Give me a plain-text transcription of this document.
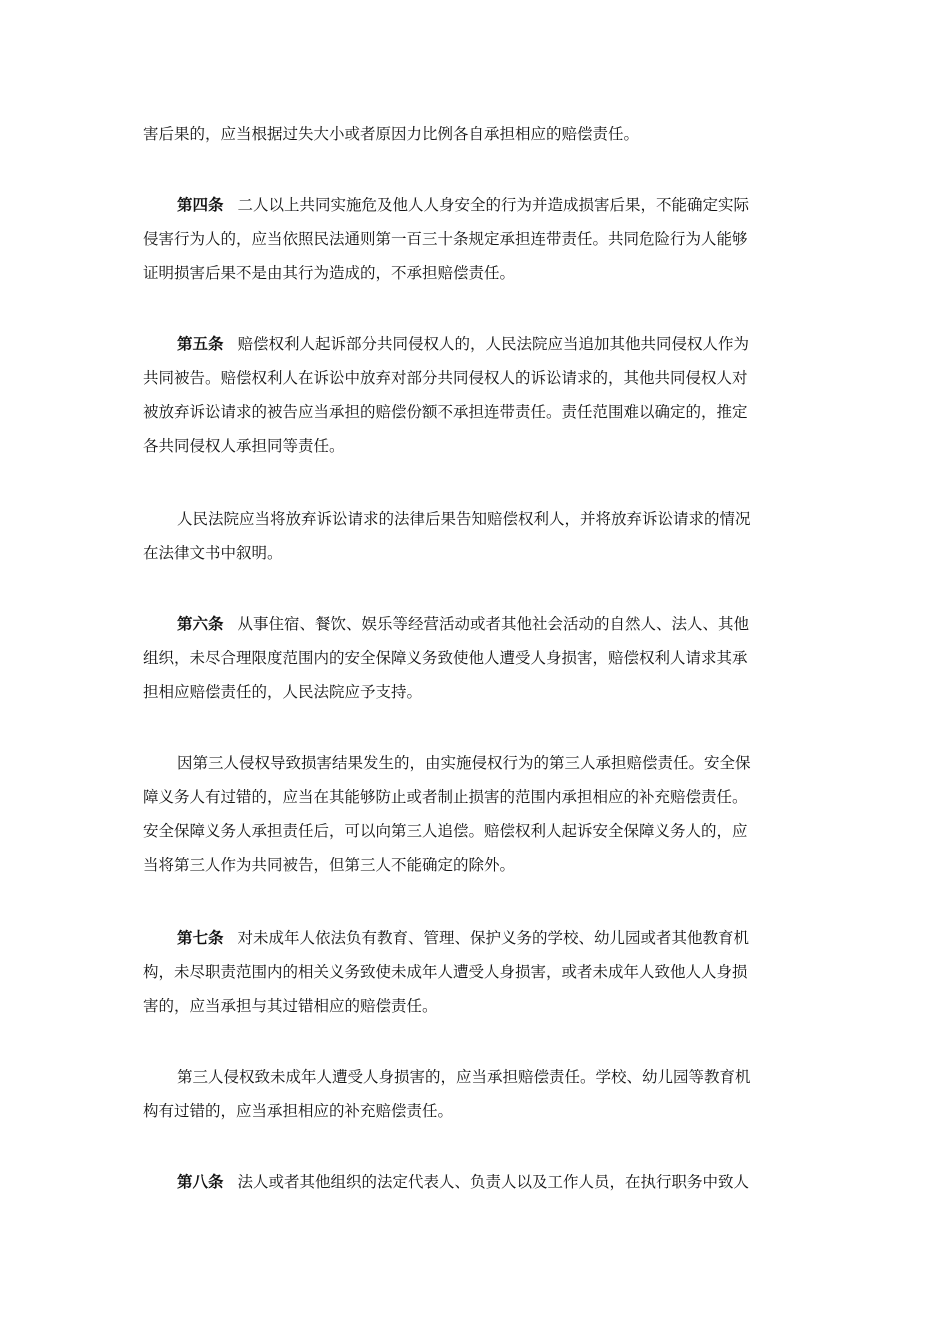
害后果的，应当根据过失大小或者原因力比例各自承担相应的赔偿责任。

第四条 二人以上共同实施危及他人人身安全的行为并造成损害后果，不能确定实际
侵害行为人的，应当依照民法通则第一百三十条规定承担连带责任。共同危险行为人能够
证明损害后果不是由其行为造成的，不承担赔偿责任。

第五条 赔偿权利人起诉部分共同侵权人的，人民法院应当追加其他共同侵权人作为
共同被告。赔偿权利人在诉讼中放弃对部分共同侵权人的诉讼请求的，其他共同侵权人对
被放弃诉讼请求的被告应当承担的赔偿份额不承担连带责任。责任范围难以确定的，推定
各共同侵权人承担同等责任。

人民法院应当将放弃诉讼请求的法律后果告知赔偿权利人，并将放弃诉讼请求的情况
在法律文书中叙明。

第六条 从事住宿、餐饮、娱乐等经营活动或者其他社会活动的自然人、法人、其他
组织，未尽合理限度范围内的安全保障义务致使他人遭受人身损害，赔偿权利人请求其承
担相应赔偿责任的，人民法院应予支持。

因第三人侵权导致损害结果发生的，由实施侵权行为的第三人承担赔偿责任。安全保
障义务人有过错的，应当在其能够防止或者制止损害的范围内承担相应的补充赔偿责任。
安全保障义务人承担责任后，可以向第三人追偿。赔偿权利人起诉安全保障义务人的，应
当将第三人作为共同被告，但第三人不能确定的除外。

第七条 对未成年人依法负有教育、管理、保护义务的学校、幼儿园或者其他教育机
构，未尽职责范围内的相关义务致使未成年人遭受人身损害，或者未成年人致他人人身损
害的，应当承担与其过错相应的赔偿责任。

第三人侵权致未成年人遭受人身损害的，应当承担赔偿责任。学校、幼儿园等教育机
构有过错的，应当承担相应的补充赔偿责任。

第八条 法人或者其他组织的法定代表人、负责人以及工作人员，在执行职务中致人
